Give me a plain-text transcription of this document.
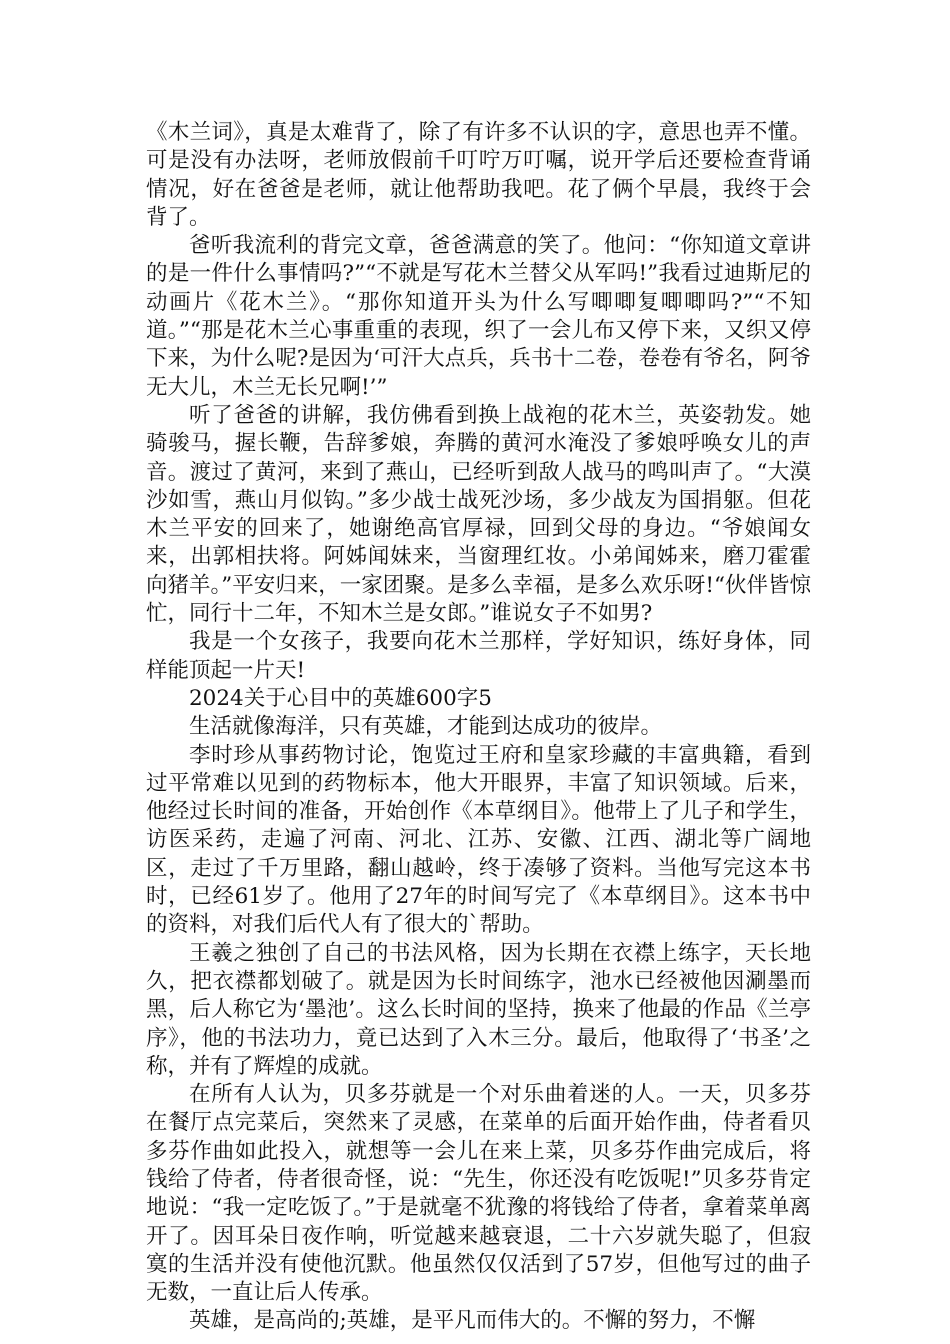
《木兰词》，真是太难背了，除了有许多不认识的字，意思也弄不懂。可是没有办法呀，老师放假前千叮咛万叮嘱，说开学后还要检查背诵情况，好在爸爸是老师，就让他帮助我吧。花了俩个早晨，我终于会背了。

爸听我流利的背完文章，爸爸满意的笑了。他问：“你知道文章讲的是一件什么事情吗?”“不就是写花木兰替父从军吗!”我看过迪斯尼的动画片《花木兰》。“那你知道开头为什么写唧唧复唧唧吗?”“不知道。”“那是花木兰心事重重的表现，织了一会儿布又停下来，又织又停下来，为什么呢?是因为‘可汗大点兵，兵书十二卷，卷卷有爷名，阿爷无大儿，木兰无长兄啊!’”

听了爸爸的讲解，我仿佛看到换上战袍的花木兰，英姿勃发。她骑骏马，握长鞭，告辞爹娘，奔腾的黄河水淹没了爹娘呼唤女儿的声音。渡过了黄河，来到了燕山，已经听到敌人战马的鸣叫声了。“大漠沙如雪，燕山月似钩。”多少战士战死沙场，多少战友为国捐躯。但花木兰平安的回来了，她谢绝高官厚禄，回到父母的身边。“爷娘闻女来，出郭相扶将。阿姊闻妹来，当窗理红妆。小弟闻姊来，磨刀霍霍向猪羊。”平安归来，一家团聚。是多么幸福，是多么欢乐呀!“伙伴皆惊忙，同行十二年，不知木兰是女郎。”谁说女子不如男?

我是一个女孩子，我要向花木兰那样，学好知识，练好身体，同样能顶起一片天!

2024关于心目中的英雄600字5

生活就像海洋，只有英雄，才能到达成功的彼岸。

李时珍从事药物讨论，饱览过王府和皇家珍藏的丰富典籍，看到过平常难以见到的药物标本，他大开眼界，丰富了知识领域。后来，他经过长时间的准备，开始创作《本草纲目》。他带上了儿子和学生，访医采药，走遍了河南、河北、江苏、安徽、江西、湖北等广阔地区，走过了千万里路，翻山越岭，终于凑够了资料。当他写完这本书时，已经61岁了。他用了27年的时间写完了《本草纲目》。这本书中的资料，对我们后代人有了很大的`帮助。

王羲之独创了自己的书法风格，因为长期在衣襟上练字，天长地久，把衣襟都划破了。就是因为长时间练字，池水已经被他因涮墨而黑，后人称它为‘墨池’。这么长时间的坚持，换来了他最的作品《兰亭序》，他的书法功力，竟已达到了入木三分。最后，他取得了‘书圣’之称，并有了辉煌的成就。

在所有人认为，贝多芬就是一个对乐曲着迷的人。一天，贝多芬在餐厅点完菜后，突然来了灵感，在菜单的后面开始作曲，侍者看贝多芬作曲如此投入，就想等一会儿在来上菜，贝多芬作曲完成后，将钱给了侍者，侍者很奇怪，说：“先生，你还没有吃饭呢!”贝多芬肯定地说：“我一定吃饭了。”于是就毫不犹豫的将钱给了侍者，拿着菜单离开了。因耳朵日夜作响，听觉越来越衰退，二十六岁就失聪了，但寂寞的生活并没有使他沉默。他虽然仅仅活到了57岁，但他写过的曲子无数，一直让后人传承。

英雄，是高尚的;英雄，是平凡而伟大的。不懈的努力，不懈
